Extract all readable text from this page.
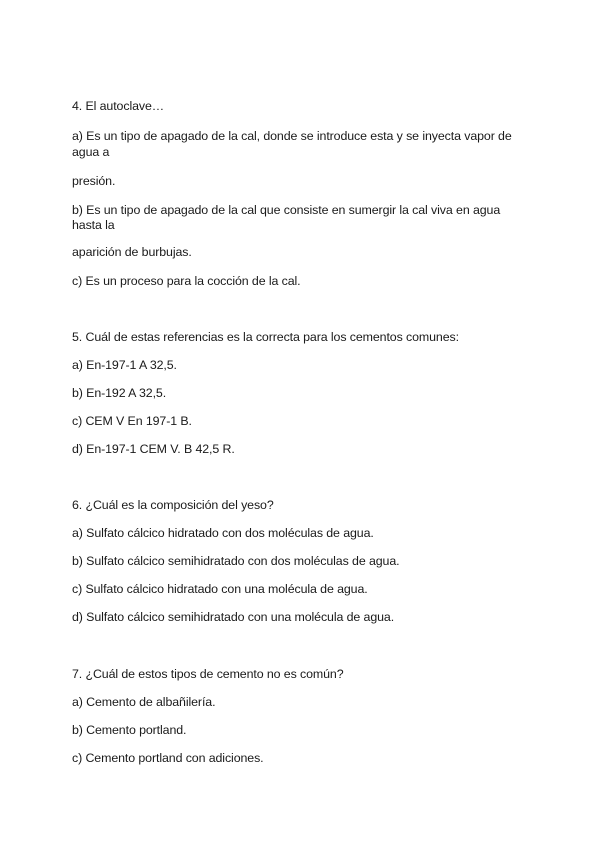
4. El autoclave…
a) Es un tipo de apagado de la cal, donde se introduce esta y se inyecta vapor de
agua a
presión.
b) Es un tipo de apagado de la cal que consiste en sumergir la cal viva en agua
hasta la
aparición de burbujas.
c) Es un proceso para la cocción de la cal.
5. Cuál de estas referencias es la correcta para los cementos comunes:
a) En-197-1 A 32,5.
b) En-192 A 32,5.
c) CEM V En 197-1 B.
d) En-197-1 CEM V. B 42,5 R.
6. ¿Cuál es la composición del yeso?
a) Sulfato cálcico hidratado con dos moléculas de agua.
b) Sulfato cálcico semihidratado con dos moléculas de agua.
c) Sulfato cálcico hidratado con una molécula de agua.
d) Sulfato cálcico semihidratado con una molécula de agua.
7. ¿Cuál de estos tipos de cemento no es común?
a) Cemento de albañilería.
b) Cemento portland.
c) Cemento portland con adiciones.
